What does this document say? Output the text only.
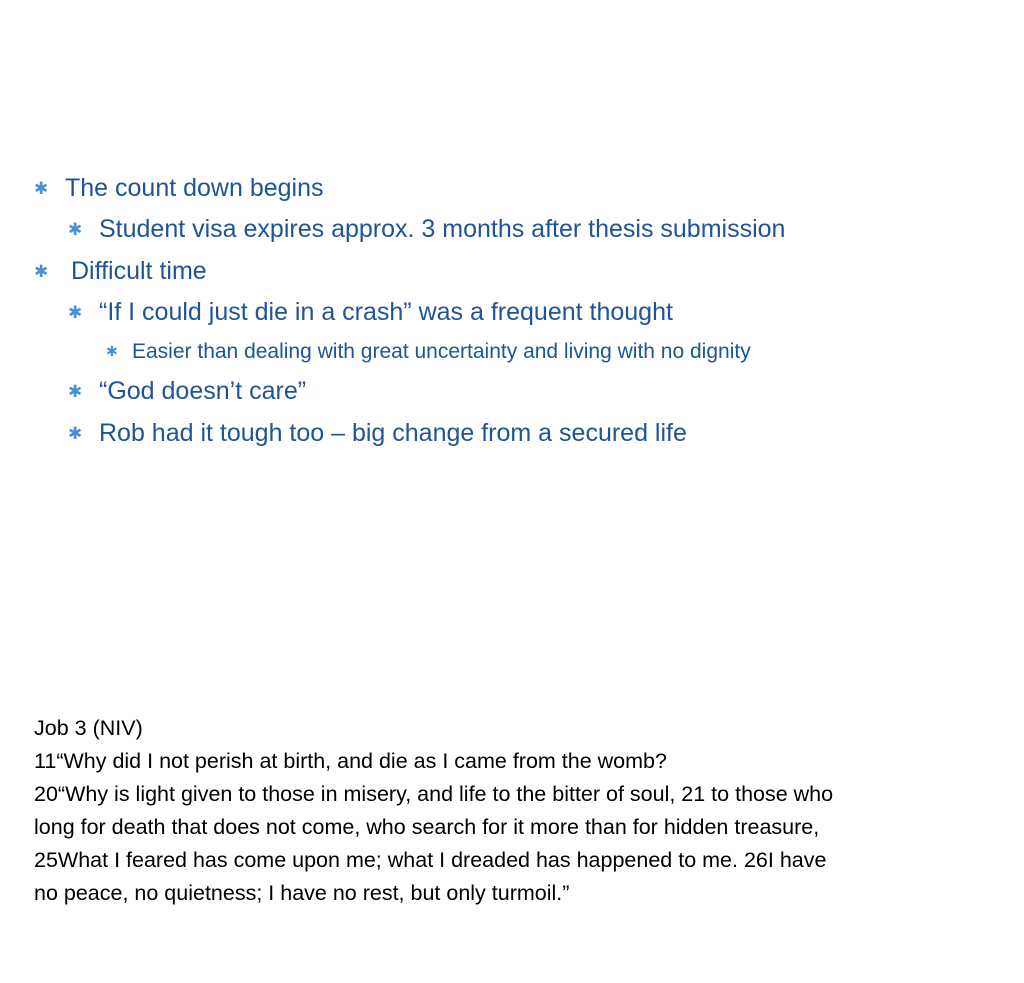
✱ The count down begins
✱ Student visa expires approx. 3 months after thesis submission
✱ Difficult time
✱ “If I could just die in a crash” was a frequent thought
✱ Easier than dealing with great uncertainty and living with no dignity
✱ “God doesn’t care”
✱ Rob had it tough too – big change from a secured life
Job 3 (NIV)
11“Why did I not perish at birth, and die as I came from the womb?
20“Why is light given to those in misery, and life to the bitter of soul, 21 to those who
long for death that does not come, who search for it more than for hidden treasure,
25What I feared has come upon me; what I dreaded has happened to me. 26I have
no peace, no quietness; I have no rest, but only turmoil.”
